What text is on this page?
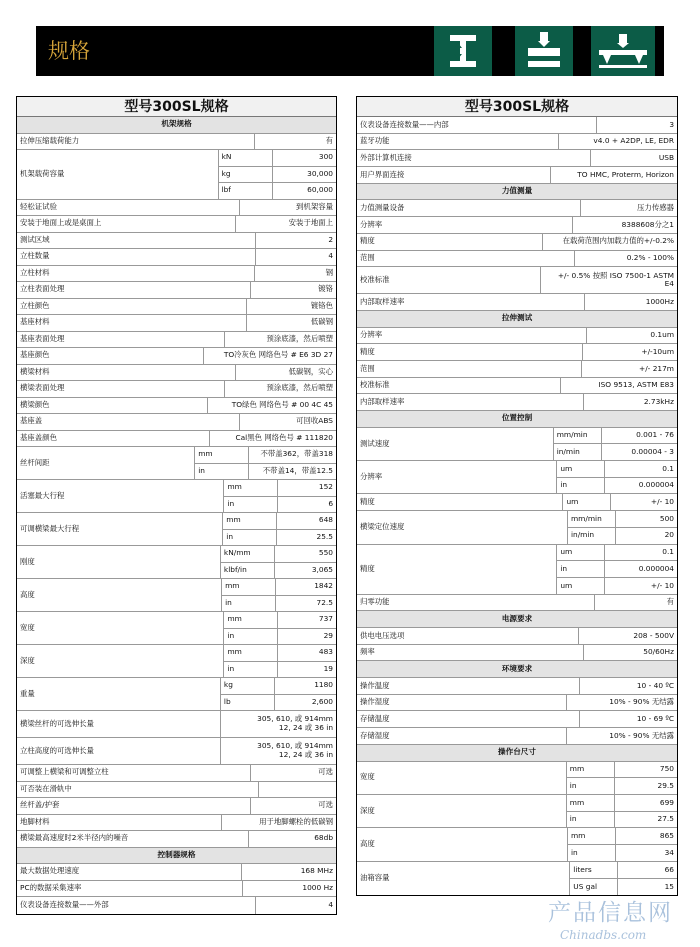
规格
型号300SL规格
机架规格
拉伸压缩载荷能力	有
机架载荷容量
kN	300
kg	30,000
lbf	60,000
轻松证试验	到机架容量
安装于地面上或是桌面上	安装于地面上
测试区域	2
立柱数量	4
立柱材料	钢
立柱表面处理	镀铬
立柱颜色	镀铬色
基座材料	低碳钢
基座表面处理	预涂底漆，然后喷塑
基座颜色	TO冷灰色 网络色号 # E6 3D 27
横梁材料	低碳钢，实心
横梁表面处理	预涂底漆，然后喷塑
横梁颜色	TO绿色 网络色号 # 00 4C 45
基座盖	可回收ABS
基座盖颜色	Cal黑色 网络色号 # 111820
丝杆间距
mm	不带盖362，带盖318
in	不带盖14，带盖12.5
活塞最大行程
mm	152
in	6
可调横梁最大行程
mm	648
in	25.5
刚度
kN/mm	550
klbf/in	3,065
高度
mm	1842
in	72.5
宽度
mm	737
in	29
深度
mm	483
in	19
重量
kg	1180
lb	2,600
横梁丝杆的可选伸长量	305, 610, 或 914mm
12, 24 或 36 in
立柱高度的可选伸长量	305, 610, 或 914mm
12, 24 或 36 in
可调整上横梁和可调整立柱	可选
可否装在滑轨中
丝杆盖/护套	可选
地脚材料	用于地脚螺栓的低碳钢
横梁最高速度时2米半径内的噪音	68db
控制器规格
最大数据处理速度	168 MHz
PC的数据采集速率	1000 Hz
仪表设备连接数量——外部	4
型号300SL规格
仪表设备连接数量——内部	3
蓝牙功能	v4.0 + A2DP, LE, EDR
外部计算机连接	USB
用户界面连接	TO HMC, Proterm, Horizon
力值测量
力值测量设备	压力传感器
分辨率	8388608分之1
精度	在载荷范围内加载力值的+/-0.2%
范围	0.2% - 100%
校准标准	+/- 0.5% 按照 ISO 7500-1 ASTM
E4
内部取样速率	1000Hz
拉伸测试
分辨率	0.1um
精度	+/-10um
范围	+/- 217m
校准标准	ISO 9513, ASTM E83
内部取样速率	2.73kHz
位置控制
测试速度
mm/min	0.001 - 76
in/min	0.00004 - 3
分辨率
um	0.1
in	0.000004
精度	um	+/- 10
横梁定位速度
mm/min	500
in/min	20
精度
um	0.1
in	0.000004
um	+/- 10
归零功能	有
电源要求
供电电压选项	208 - 500V
频率	50/60Hz
环境要求
操作温度	10 - 40 ºC
操作湿度	10% - 90% 无结露
存储温度	10 - 69 ºC
存储湿度	10% - 90% 无结露
操作台尺寸
宽度
mm	750
in	29.5
深度
mm	699
in	27.5
高度
mm	865
in	34
油箱容量
liters	66
US gal	15
产品信息网
Chinadbs.com
